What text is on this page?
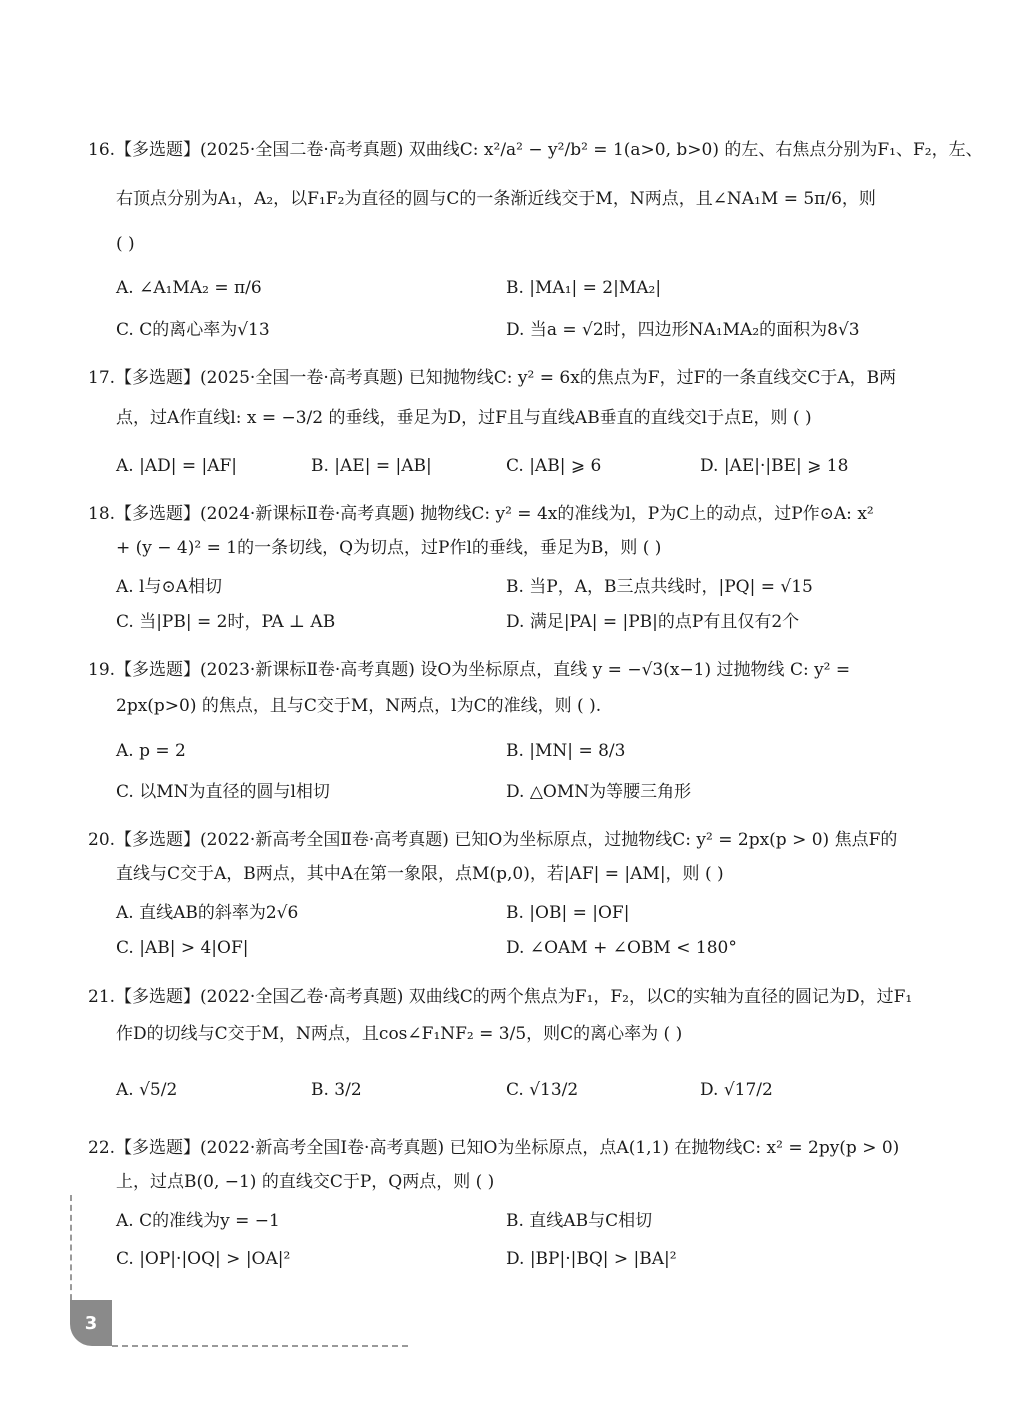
16.【多选题】(2025·全国二卷·高考真题) 双曲线C: x²/a² − y²/b² = 1(a>0, b>0) 的左、右焦点分别为F₁、F₂，左、
右顶点分别为A₁，A₂，以F₁F₂为直径的圆与C的一条渐近线交于M，N两点，且∠NA₁M = 5π/6，则
( )
A. ∠A₁MA₂ = π/6	B. |MA₁| = 2|MA₂|
C. C的离心率为√13	D. 当a = √2时，四边形NA₁MA₂的面积为8√3
17.【多选题】(2025·全国一卷·高考真题) 已知抛物线C: y² = 6x的焦点为F，过F的一条直线交C于A，B两
点，过A作直线l: x = −3/2 的垂线，垂足为D，过F且与直线AB垂直的直线交l于点E，则 ( )
A. |AD| = |AF|	B. |AE| = |AB|	C. |AB| ⩾ 6	D. |AE|·|BE| ⩾ 18
18.【多选题】(2024·新课标Ⅱ卷·高考真题) 抛物线C: y² = 4x的准线为l，P为C上的动点，过P作⊙A: x²
+ (y − 4)² = 1的一条切线，Q为切点，过P作l的垂线，垂足为B，则 ( )
A. l与⊙A相切	B. 当P，A，B三点共线时，|PQ| = √15
C. 当|PB| = 2时，PA ⊥ AB	D. 满足|PA| = |PB|的点P有且仅有2个
19.【多选题】(2023·新课标Ⅱ卷·高考真题) 设O为坐标原点，直线 y = −√3(x−1) 过抛物线 C: y² =
2px(p>0) 的焦点，且与C交于M，N两点，l为C的准线，则 ( ).
A. p = 2	B. |MN| = 8/3
C. 以MN为直径的圆与l相切	D. △OMN为等腰三角形
20.【多选题】(2022·新高考全国Ⅱ卷·高考真题) 已知O为坐标原点，过抛物线C: y² = 2px(p > 0) 焦点F的
直线与C交于A，B两点，其中A在第一象限，点M(p,0)，若|AF| = |AM|，则 ( )
A. 直线AB的斜率为2√6	B. |OB| = |OF|
C. |AB| > 4|OF|	D. ∠OAM + ∠OBM < 180°
21.【多选题】(2022·全国乙卷·高考真题) 双曲线C的两个焦点为F₁，F₂，以C的实轴为直径的圆记为D，过F₁
作D的切线与C交于M，N两点，且cos∠F₁NF₂ = 3/5，则C的离心率为 ( )
A. √5/2	B. 3/2	C. √13/2	D. √17/2
22.【多选题】(2022·新高考全国Ⅰ卷·高考真题) 已知O为坐标原点，点A(1,1) 在抛物线C: x² = 2py(p > 0)
上，过点B(0, −1) 的直线交C于P，Q两点，则 ( )
A. C的准线为y = −1	B. 直线AB与C相切
C. |OP|·|OQ| > |OA|²	D. |BP|·|BQ| > |BA|²
3
